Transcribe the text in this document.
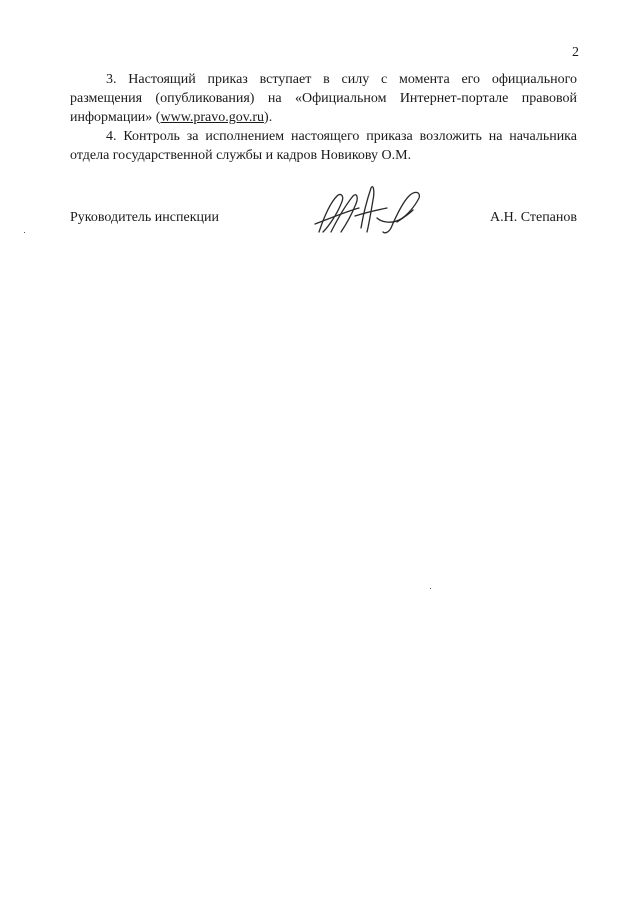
2

3. Настоящий приказ вступает в силу с момента его официального размещения (опубликования) на «Официальном Интернет-портале правовой информации» (www.pravo.gov.ru).

4. Контроль за исполнением настоящего приказа возложить на начальника отдела государственной службы и кадров Новикову О.М.

Руководитель инспекции	А.Н. Степанов
